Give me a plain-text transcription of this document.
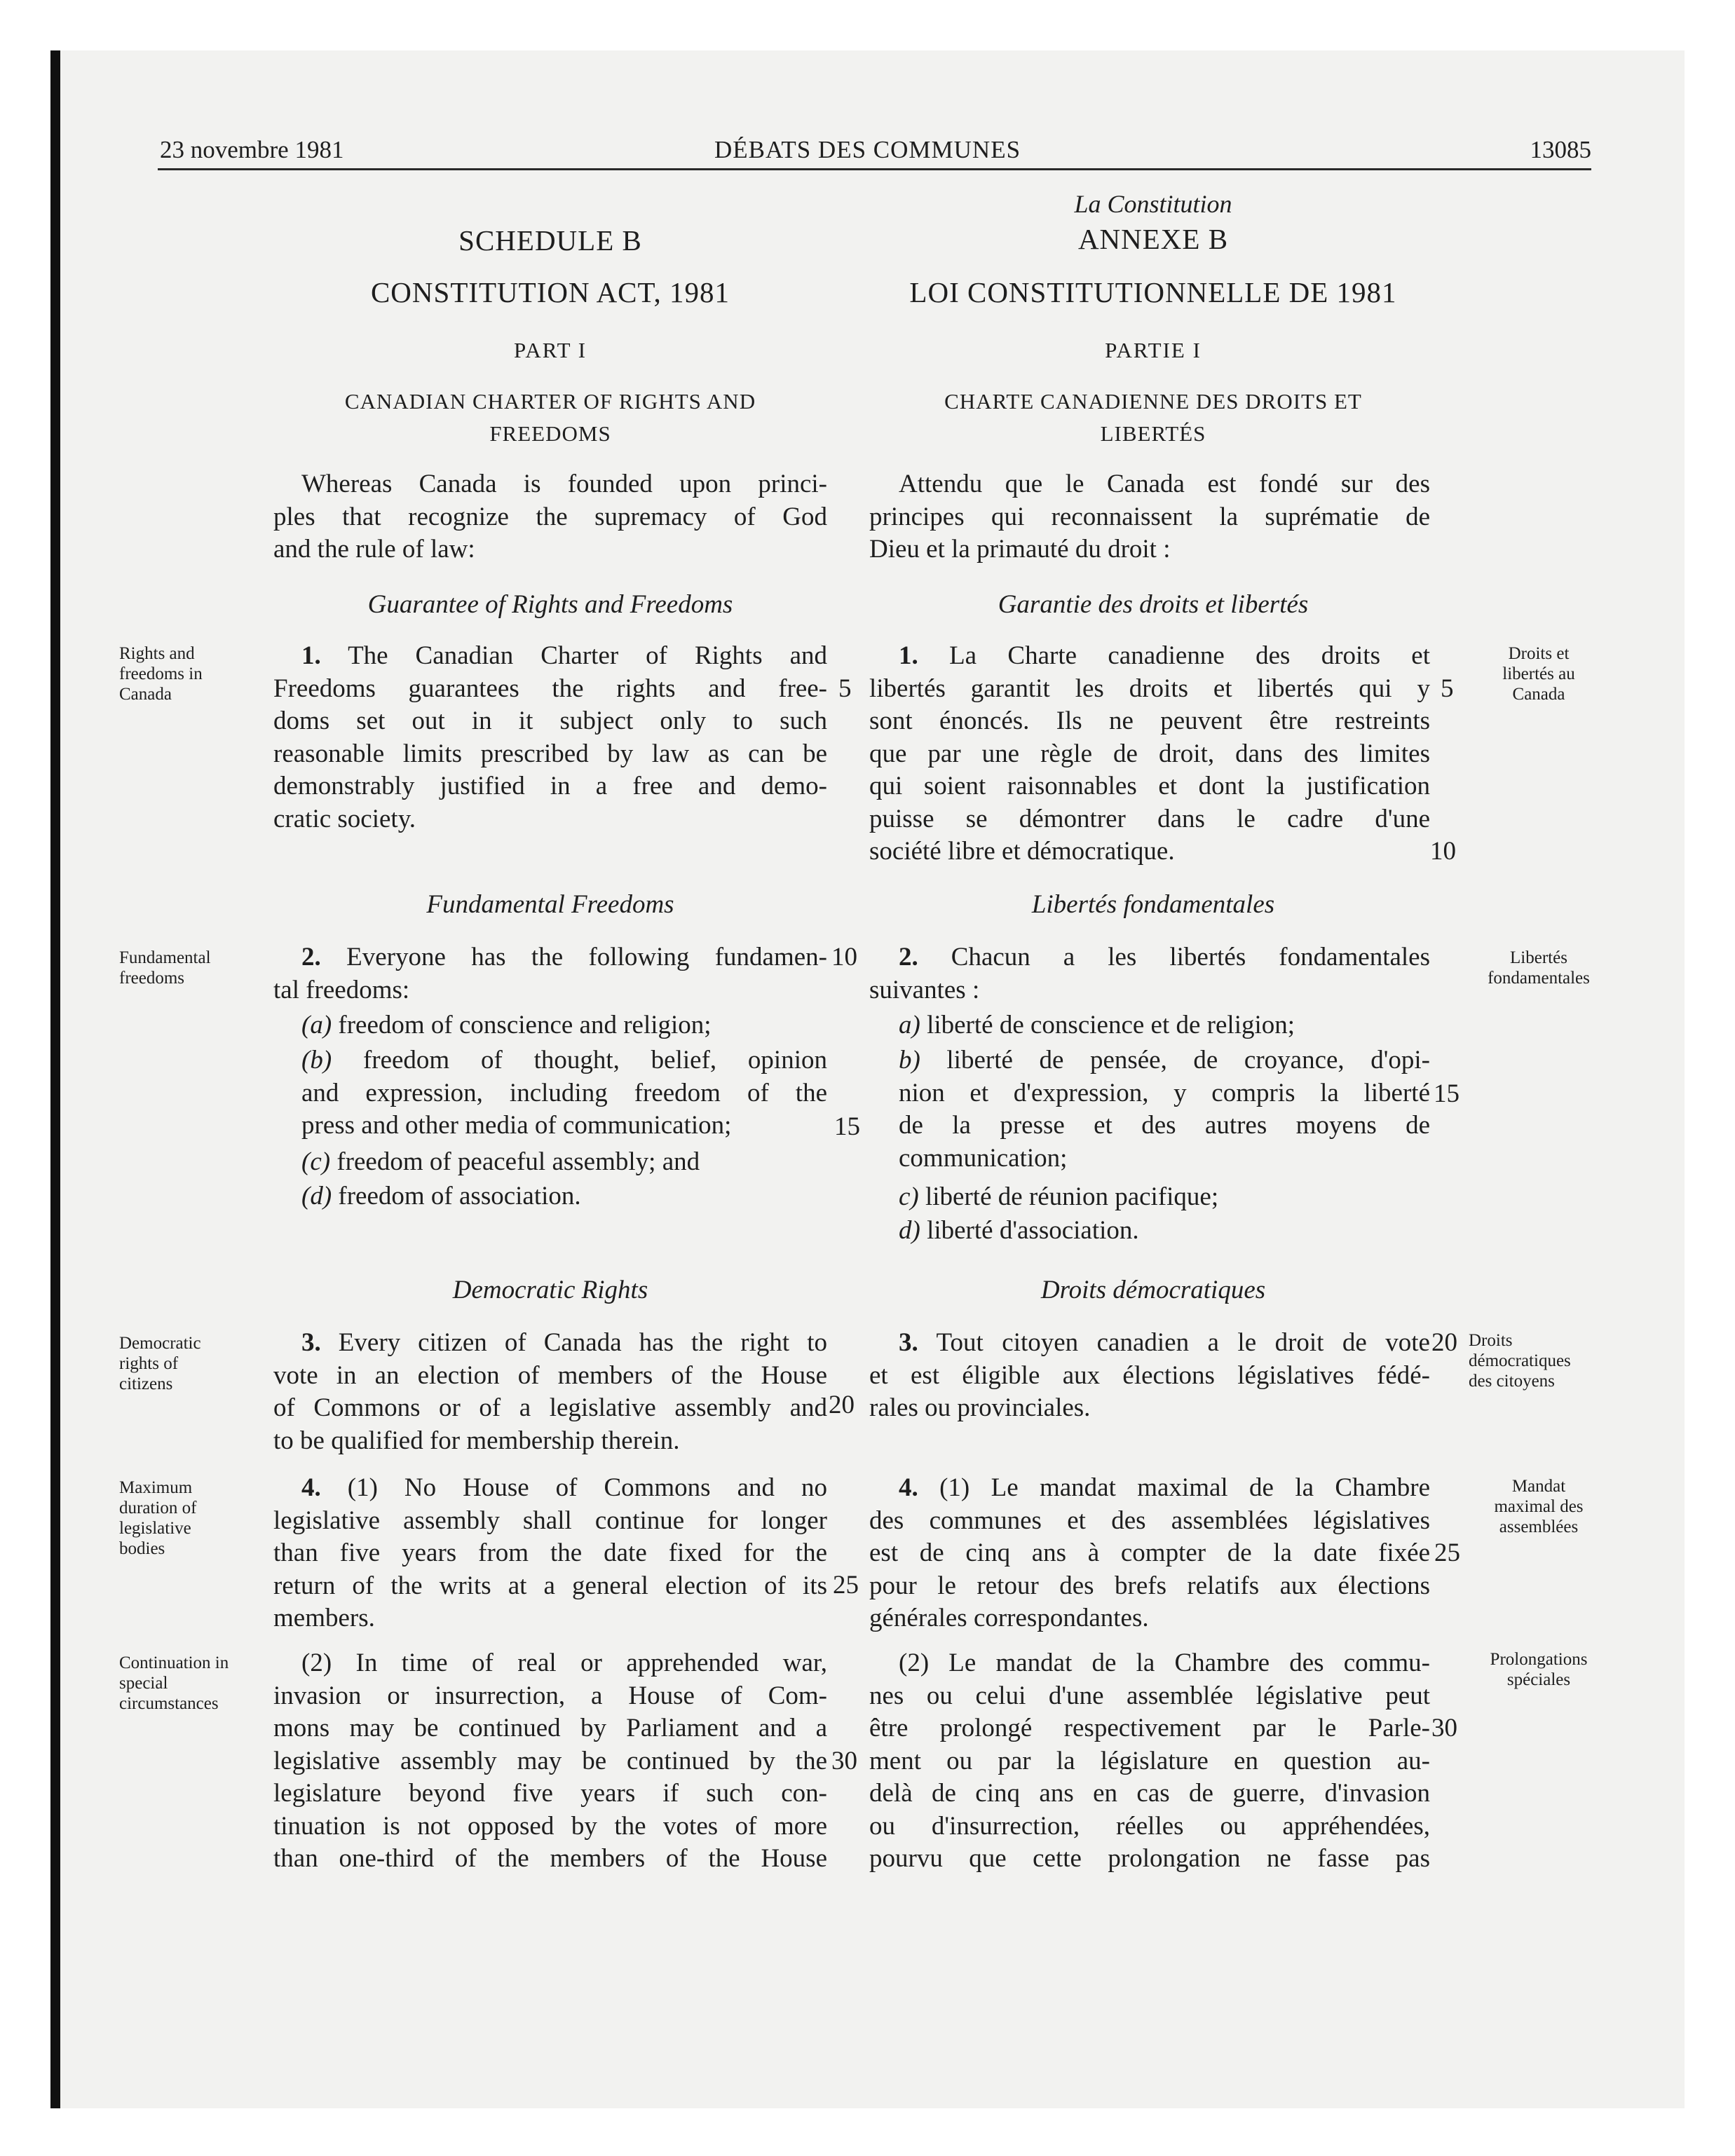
23 novembre 1981	DÉBATS DES COMMUNES	13085
La Constitution
SCHEDULE B	ANNEXE B
CONSTITUTION ACT, 1981	LOI CONSTITUTIONNELLE DE 1981
PART I	PARTIE I
CANADIAN CHARTER OF RIGHTS AND
FREEDOMS
CHARTE CANADIENNE DES DROITS ET
LIBERTÉS
Whereas Canada is founded upon princi-
ples that recognize the supremacy of God
and the rule of law:
Attendu que le Canada est fondé sur des
principes qui reconnaissent la suprématie de
Dieu et la primauté du droit :
Guarantee of Rights and Freedoms	Garantie des droits et libertés
Rights and
freedoms in
Canada
Droits et
libertés au
Canada
1. The Canadian Charter of Rights and
Freedoms guarantees the rights and free-
doms set out in it subject only to such
reasonable limits prescribed by law as can be
demonstrably justified in a free and demo-
cratic society.
1. La Charte canadienne des droits et
libertés garantit les droits et libertés qui y
sont énoncés. Ils ne peuvent être restreints
que par une règle de droit, dans des limites
qui soient raisonnables et dont la justification
puisse se démontrer dans le cadre d'une
société libre et démocratique.
5	5
10
Fundamental Freedoms	Libertés fondamentales
Fundamental
freedoms
Libertés
fondamentales
2. Everyone has the following fundamen-
tal freedoms:
2. Chacun a les libertés fondamentales
suivantes :
(a) freedom of conscience and religion;
(b) freedom of thought, belief, opinion
and expression, including freedom of the
press and other media of communication;
(c) freedom of peaceful assembly; and
(d) freedom of association.
a) liberté de conscience et de religion;
b) liberté de pensée, de croyance, d'opi-
nion et d'expression, y compris la liberté
de la presse et des autres moyens de
communication;
c) liberté de réunion pacifique;
d) liberté d'association.
10
15
15
Democratic Rights	Droits démocratiques
Democratic
rights of
citizens
Droits
démocratiques
des citoyens
3. Every citizen of Canada has the right to
vote in an election of members of the House
of Commons or of a legislative assembly and
to be qualified for membership therein.
3. Tout citoyen canadien a le droit de vote
et est éligible aux élections législatives fédé-
rales ou provinciales.
20
20
Maximum
duration of
legislative
bodies
Mandat
maximal des
assemblées
4. (1) No House of Commons and no
legislative assembly shall continue for longer
than five years from the date fixed for the
return of the writs at a general election of its
members.
4. (1) Le mandat maximal de la Chambre
des communes et des assemblées législatives
est de cinq ans à compter de la date fixée
pour le retour des brefs relatifs aux élections
générales correspondantes.
25
25
Continuation in
special
circumstances
Prolongations
spéciales
(2) In time of real or apprehended war,
invasion or insurrection, a House of Com-
mons may be continued by Parliament and a
legislative assembly may be continued by the
legislature beyond five years if such con-
tinuation is not opposed by the votes of more
than one-third of the members of the House
(2) Le mandat de la Chambre des commu-
nes ou celui d'une assemblée législative peut
être prolongé respectivement par le Parle-
ment ou par la législature en question au-
delà de cinq ans en cas de guerre, d'invasion
ou d'insurrection, réelles ou appréhendées,
pourvu que cette prolongation ne fasse pas
30
30
